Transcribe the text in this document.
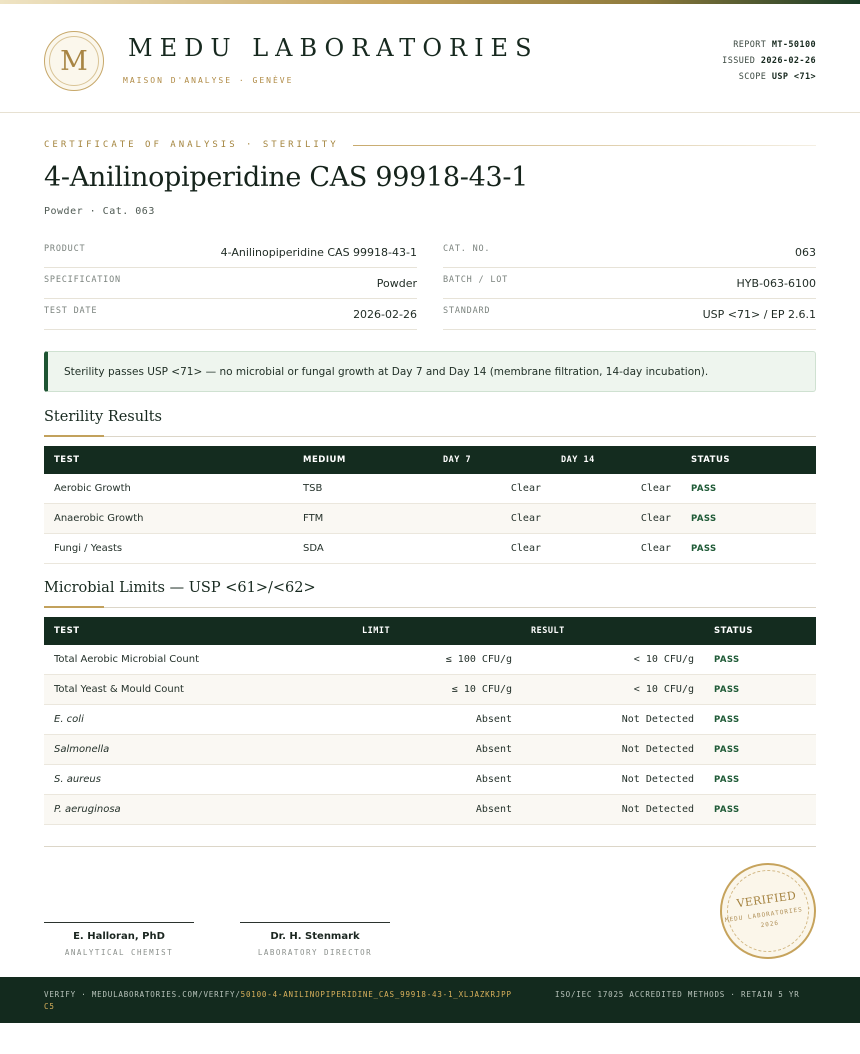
M	MEDU LABORATORIES
MAISON D'ANALYSE · GENÈVE
REPORT MT-50100
ISSUED 2026-02-26
SCOPE USP <71>
CERTIFICATE OF ANALYSIS · STERILITY
4-Anilinopiperidine CAS 99918-43-1
Powder · Cat. 063
PRODUCT	4-Anilinopiperidine CAS 99918-43-1
SPECIFICATION	Powder
TEST DATE	2026-02-26
CAT. NO.	063
BATCH / LOT	HYB-063-6100
STANDARD	USP <71> / EP 2.6.1
Sterility passes USP <71> — no microbial or fungal growth at Day 7 and Day 14 (membrane filtration, 14-day incubation).
Sterility Results
TEST	MEDIUM	DAY 7	DAY 14	STATUS
Aerobic Growth	TSB	Clear	Clear PASS
Anaerobic Growth	FTM	Clear	Clear PASS
Fungi / Yeasts	SDA	Clear	Clear PASS
Microbial Limits — USP <61>/<62>
TEST	LIMIT	RESULT	STATUS
Total Aerobic Microbial Count	≤ 100 CFU/g	< 10 CFU/g PASS
Total Yeast & Mould Count	≤ 10 CFU/g	< 10 CFU/g PASS
E. coli	Absent	Not Detected PASS
Salmonella	Absent	Not Detected PASS
S. aureus	Absent	Not Detected PASS
P. aeruginosa	Absent	Not Detected PASS
E. Halloran, PhD
ANALYTICAL CHEMIST
Dr. H. Stenmark
LABORATORY DIRECTOR
VERIFIED
MEDU LABORATORIES · 2026
VERIFY · MEDULABORATORIES.COM/VERIFY/50100-4-ANILINOPIPERIDINE_CAS_99918-43-1_XLJAZKRJPPC5
ISO/IEC 17025 ACCREDITED METHODS · RETAIN 5 YR
